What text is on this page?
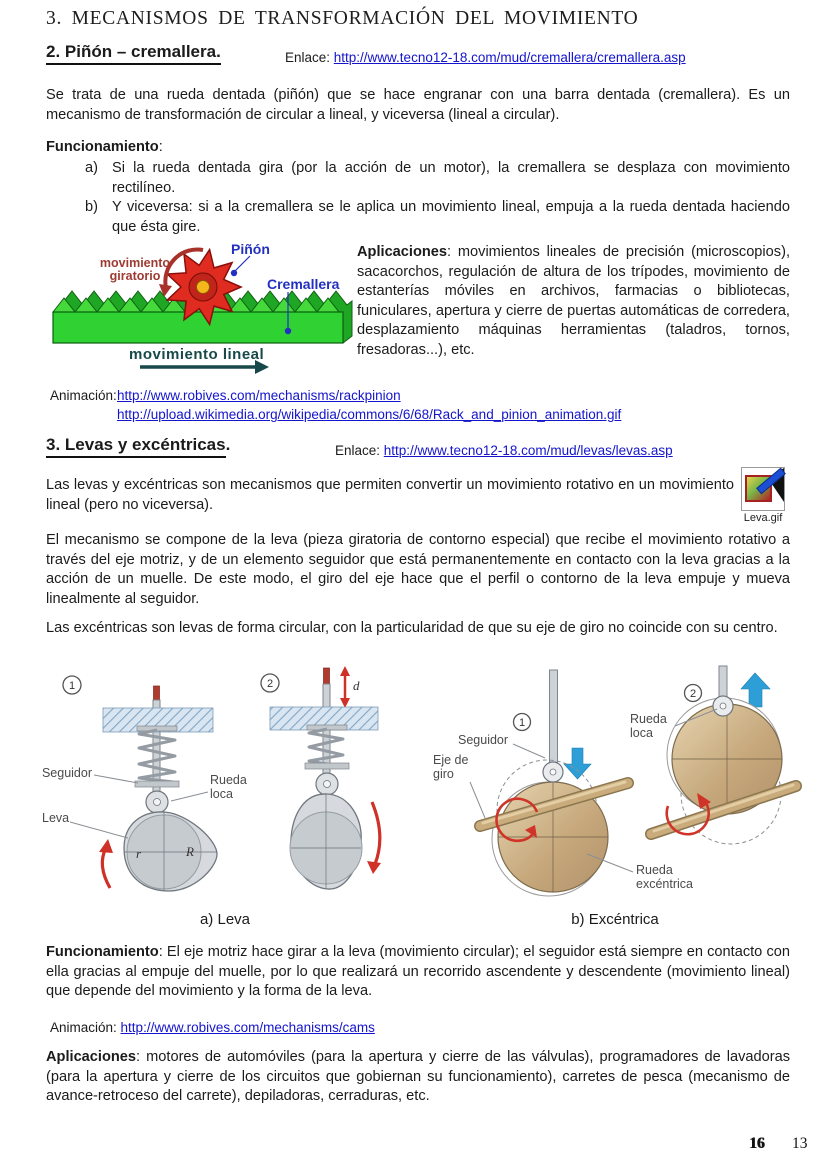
3. MECANISMOS DE TRANSFORMACIÓN DEL MOVIMIENTO
2. Piñón – cremallera.	Enlace: http://www.tecno12-18.com/mud/cremallera/cremallera.asp
Se trata de una rueda dentada (piñón) que se hace engranar con una barra dentada (cremallera). Es un mecanismo de transformación de circular a lineal, y viceversa (lineal a circular).
Funcionamiento:
a) Si la rueda dentada gira (por la acción de un motor), la cremallera se desplaza con movimiento rectilíneo.
b) Y viceversa: si a la cremallera se le aplica un movimiento lineal, empuja a la rueda dentada haciendo que ésta gire.
Piñón
movimiento
giratorio	Cremallera
movimiento lineal
Aplicaciones: movimientos lineales de precisión (microscopios), sacacorchos, regulación de altura de los trípodes, movimiento de estanterías móviles en archivos, farmacias o bibliotecas, funiculares, apertura y cierre de puertas automáticas de corredera, desplazamiento máquinas herramientas (taladros, tornos, fresadoras...), etc.
Animación: http://www.robives.com/mechanisms/rackpinion
http://upload.wikimedia.org/wikipedia/commons/6/68/Rack_and_pinion_animation.gif
3. Levas y excéntricas.	Enlace: http://www.tecno12-18.com/mud/levas/levas.asp
Las levas y excéntricas son mecanismos que permiten convertir un movimiento rotativo en un movimiento lineal (pero no viceversa).
Leva.gif
El mecanismo se compone de la leva (pieza giratoria de contorno especial) que recibe el movimiento rotativo a través del eje motriz, y de un elemento seguidor que está permanentemente en contacto con la leva gracias a la acción de un muelle. De este modo, el giro del eje hace que el perfil o contorno de la leva empuje y mueva linealmente al seguidor.
Las excéntricas son levas de forma circular, con la particularidad de que su eje de giro no coincide con su centro.
1
r	R
2	d
Seguidor
Leva
Rueda loca
a) Leva
1
2
Seguidor
Eje de giro
Rueda loca
Rueda excéntrica
b) Excéntrica
Funcionamiento: El eje motriz hace girar a la leva (movimiento circular); el seguidor está siempre en contacto con ella gracias al empuje del muelle, por lo que realizará un recorrido ascendente y descendente (movimiento lineal) que depende del movimiento y la forma de la leva.
Animación: http://www.robives.com/mechanisms/cams
Aplicaciones: motores de automóviles (para la apertura y cierre de las válvulas), programadores de lavadoras (para la apertura y cierre de los circuitos que gobiernan su funcionamiento), carretes de pesca (mecanismo de avance-retroceso del carrete), depiladoras, cerraduras, etc.
16 13
